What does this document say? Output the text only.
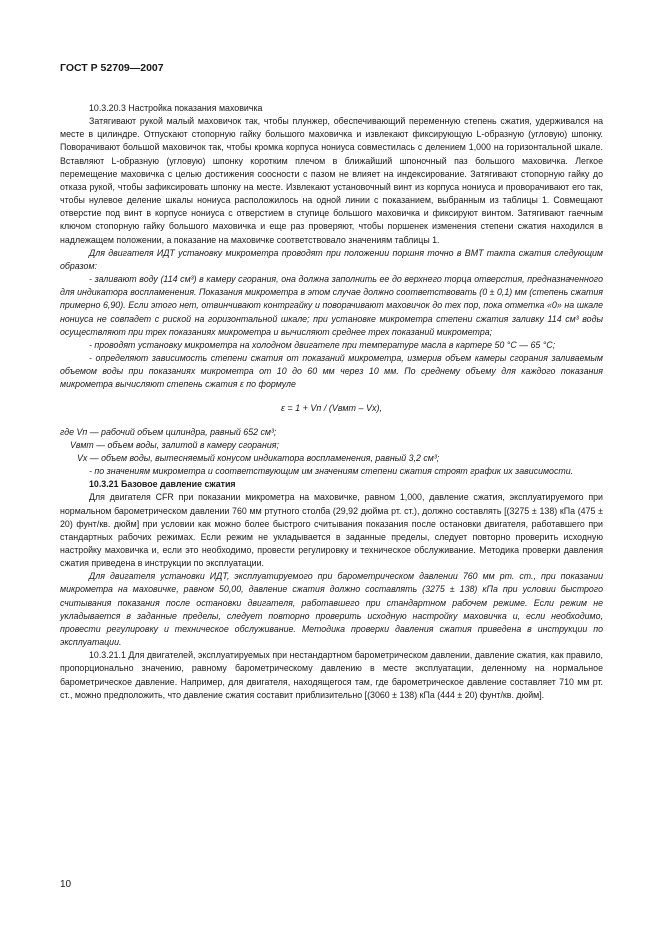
ГОСТ Р 52709—2007

10.3.20.3 Настройка показания маховичка

Затягивают рукой малый маховичок так, чтобы плунжер, обеспечивающий переменную степень сжатия, удерживался на месте в цилиндре. Отпускают стопорную гайку большого маховичка и извлекают фиксирующую L-образную (угловую) шпонку. Поворачивают большой маховичок так, чтобы кромка корпуса нониуса совместилась с делением 1,000 на горизонтальной шкале. Вставляют L-образную (угловую) шпонку коротким плечом в ближайший шпоночный паз большого маховичка. Легкое перемещение маховичка с целью достижения соосности с пазом не влияет на индексирование. Затягивают стопорную гайку до отказа рукой, чтобы зафиксировать шпонку на месте. Извлекают установочный винт из корпуса нониуса и проворачивают его так, чтобы нулевое деление шкалы нониуса расположилось на одной линии с показанием, выбранным из таблицы 1. Совмещают отверстие под винт в корпусе нониуса с отверстием в ступице большого маховичка и фиксируют винтом. Затягивают гаечным ключом стопорную гайку большого маховичка и еще раз проверяют, чтобы поршенек изменения степени сжатия находился в надлежащем положении, а показание на маховичке соответствовало значениям таблицы 1.

Для двигателя ИДТ установку микрометра проводят при положении поршня точно в ВМТ такта сжатия следующим образом:

- заливают воду (114 см³) в камеру сгорания, она должна заполнить ее до верхнего торца отверстия, предназначенного для индикатора воспламенения. Показания микрометра в этом случае должно соответствовать (0 ± 0,1) мм (степень сжатия примерно 6,90). Если этого нет, отвинчивают контргайку и поворачивают маховичок до тех пор, пока отметка «0» на шкале нониуса не совпадет с риской на горизонтальной шкале; при установке микрометра степени сжатия заливку 114 см³ воды осуществляют при трех показаниях микрометра и вычисляют среднее трех показаний микрометра;

- проводят установку микрометра на холодном двигателе при температуре масла в картере 50 °С — 65 °С;

- определяют зависимость степени сжатия от показаний микрометра, измерив объем камеры сгорания заливаемым объемом воды при показаниях микрометра от 10 до 60 мм через 10 мм. По среднему объему для каждого показания микрометра вычисляют степень сжатия ε по формуле

ε = 1 + Vп / (Vвмт – Vx),
где Vп — рабочий объем цилиндра, равный 652 см³;
Vвмт — объем воды, залитой в камеру сгорания;
Vx — объем воды, вытесняемый конусом индикатора воспламенения, равный 3,2 см³;

- по значениям микрометра и соответствующим им значениям степени сжатия строят график их зависимости.

10.3.21 Базовое давление сжатия

Для двигателя CFR при показании микрометра на маховичке, равном 1,000, давление сжатия, эксплуатируемого при нормальном барометрическом давлении 760 мм ртутного столба (29,92 дюйма рт. ст.), должно составлять [(3275 ± 138) кПа (475 ± 20) фунт/кв. дюйм] при условии как можно более быстрого считывания показания после остановки двигателя, работавшего при стандартных рабочих режимах. Если режим не укладывается в заданные пределы, следует повторно проверить исходную настройку маховичка и, если это необходимо, провести регулировку и техническое обслуживание. Методика проверки давления сжатия приведена в инструкции по эксплуатации.

Для двигателя установки ИДТ, эксплуатируемого при барометрическом давлении 760 мм рт. ст., при показании микрометра на маховичке, равном 50,00, давление сжатия должно составлять (3275 ± 138) кПа при условии быстрого считывания показания после остановки двигателя, работавшего при стандартном рабочем режиме. Если режим не укладывается в заданные пределы, следует повторно проверить исходную настройку маховичка и, если необходимо, провести регулировку и техническое обслуживание. Методика проверки давления сжатия приведена в инструкции по эксплуатации.

10.3.21.1 Для двигателей, эксплуатируемых при нестандартном барометрическом давлении, давление сжатия, как правило, пропорционально значению, равному барометрическому давлению в месте эксплуатации, деленному на нормальное барометрическое давление. Например, для двигателя, находящегося там, где барометрическое давление составляет 710 мм рт. ст., можно предположить, что давление сжатия составит приблизительно [(3060 ± 138) кПа (444 ± 20) фунт/кв. дюйм].

10
